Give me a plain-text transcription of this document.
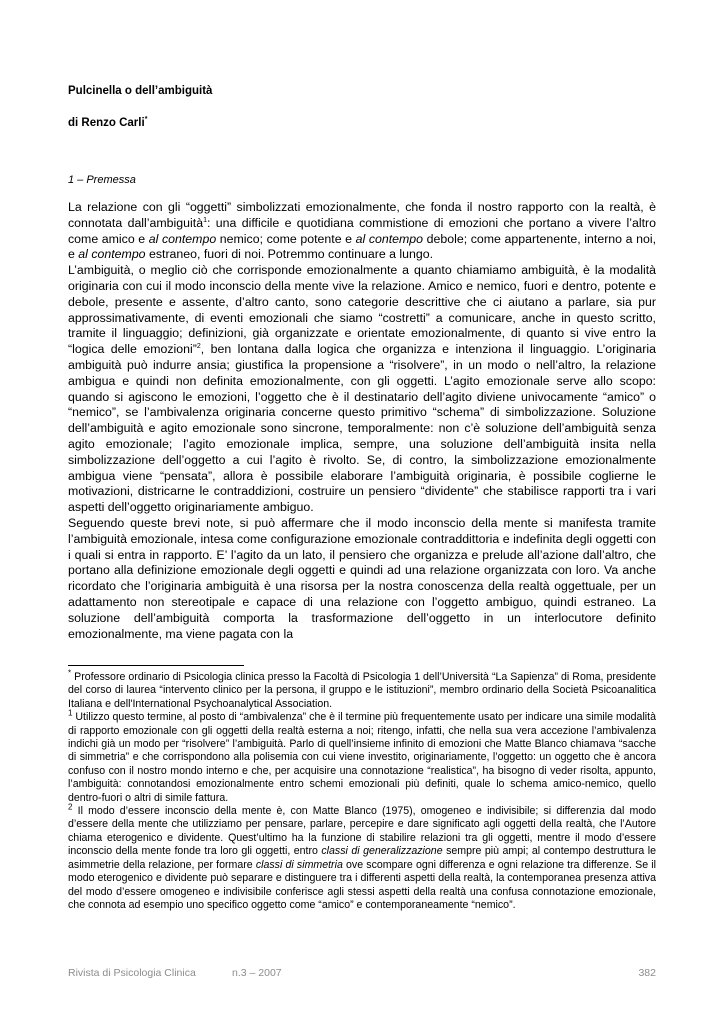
Pulcinella o dell’ambiguità

di Renzo Carli*

1 – Premessa

La relazione con gli “oggetti” simbolizzati emozionalmente, che fonda il nostro rapporto con la realtà, è connotata dall’ambiguità$^1$: una difficile e quotidiana commistione di emozioni che portano a vivere l’altro come amico e al contempo nemico; come potente e al contempo debole; come appartenente, interno a noi, e al contempo estraneo, fuori di noi. Potremmo continuare a lungo.

L’ambiguità, o meglio ciò che corrisponde emozionalmente a quanto chiamiamo ambiguità, è la modalità originaria con cui il modo inconscio della mente vive la relazione. Amico e nemico, fuori e dentro, potente e debole, presente e assente, d’altro canto, sono categorie descrittive che ci aiutano a parlare, sia pur approssimativamente, di eventi emozionali che siamo “costretti” a comunicare, anche in questo scritto, tramite il linguaggio; definizioni, già organizzate e orientate emozionalmente, di quanto si vive entro la “logica delle emozioni”$^2$, ben lontana dalla logica che organizza e intenziona il linguaggio. L’originaria ambiguità può indurre ansia; giustifica la propensione a “risolvere”, in un modo o nell’altro, la relazione ambigua e quindi non definita emozionalmente, con gli oggetti. L’agito emozionale serve allo scopo: quando si agiscono le emozioni, l’oggetto che è il destinatario dell’agito diviene univocamente “amico” o “nemico”, se l’ambivalenza originaria concerne questo primitivo “schema” di simbolizzazione. Soluzione dell’ambiguità e agito emozionale sono sincrone, temporalmente: non c’è soluzione dell’ambiguità senza agito emozionale; l’agito emozionale implica, sempre, una soluzione dell’ambiguità insita nella simbolizzazione dell’oggetto a cui l’agito è rivolto. Se, di contro, la simbolizzazione emozionalmente ambigua viene “pensata”, allora è possibile elaborare l’ambiguità originaria, è possibile coglierne le motivazioni, districarne le contraddizioni, costruire un pensiero “dividente” che stabilisce rapporti tra i vari aspetti dell’oggetto originariamente ambiguo.

Seguendo queste brevi note, si può affermare che il modo inconscio della mente si manifesta tramite l’ambiguità emozionale, intesa come configurazione emozionale contraddittoria e indefinita degli oggetti con i quali si entra in rapporto. E’ l’agito da un lato, il pensiero che organizza e prelude all’azione dall’altro, che portano alla definizione emozionale degli oggetti e quindi ad una relazione organizzata con loro. Va anche ricordato che l’originaria ambiguità è una risorsa per la nostra conoscenza della realtà oggettuale, per un adattamento non stereotipale e capace di una relazione con l’oggetto ambiguo, quindi estraneo. La soluzione dell’ambiguità comporta la trasformazione dell’oggetto in un interlocutore definito emozionalmente, ma viene pagata con la

* Professore ordinario di Psicologia clinica presso la Facoltà di Psicologia 1 dell’Università “La Sapienza” di Roma, presidente del corso di laurea “intervento clinico per la persona, il gruppo e le istituzioni”, membro ordinario della Società Psicoanalitica Italiana e dell'International Psychoanalytical Association.

$^1$ Utilizzo questo termine, al posto di “ambivalenza” che è il termine più frequentemente usato per indicare una simile modalità di rapporto emozionale con gli oggetti della realtà esterna a noi; ritengo, infatti, che nella sua vera accezione l’ambivalenza indichi già un modo per “risolvere” l’ambiguità. Parlo di quell’insieme infinito di emozioni che Matte Blanco chiamava “sacche di simmetria” e che corrispondono alla polisemia con cui viene investito, originariamente, l’oggetto: un oggetto che è ancora confuso con il nostro mondo interno e che, per acquisire una connotazione “realistica”, ha bisogno di veder risolta, appunto, l’ambiguità: connotandosi emozionalmente entro schemi emozionali più definiti, quale lo schema amico-nemico, quello dentro-fuori o altri di simile fattura.

$^2$ Il modo d’essere inconscio della mente è, con Matte Blanco (1975), omogeneo e indivisibile; si differenzia dal modo d’essere della mente che utilizziamo per pensare, parlare, percepire e dare significato agli oggetti della realtà, che l’Autore chiama eterogenico e dividente. Quest’ultimo ha la funzione di stabilire relazioni tra gli oggetti, mentre il modo d’essere inconscio della mente fonde tra loro gli oggetti, entro classi di generalizzazione sempre più ampi; al contempo destruttura le asimmetrie della relazione, per formare classi di simmetria ove scompare ogni differenza e ogni relazione tra differenze. Se il modo eterogenico e dividente può separare e distinguere tra i differenti aspetti della realtà, la contemporanea presenza attiva del modo d’essere omogeneo e indivisibile conferisce agli stessi aspetti della realtà una confusa connotazione emozionale, che connota ad esempio uno specifico oggetto come “amico” e contemporaneamente “nemico”.

Rivista di Psicologia Clinica	n.3 – 2007	382
